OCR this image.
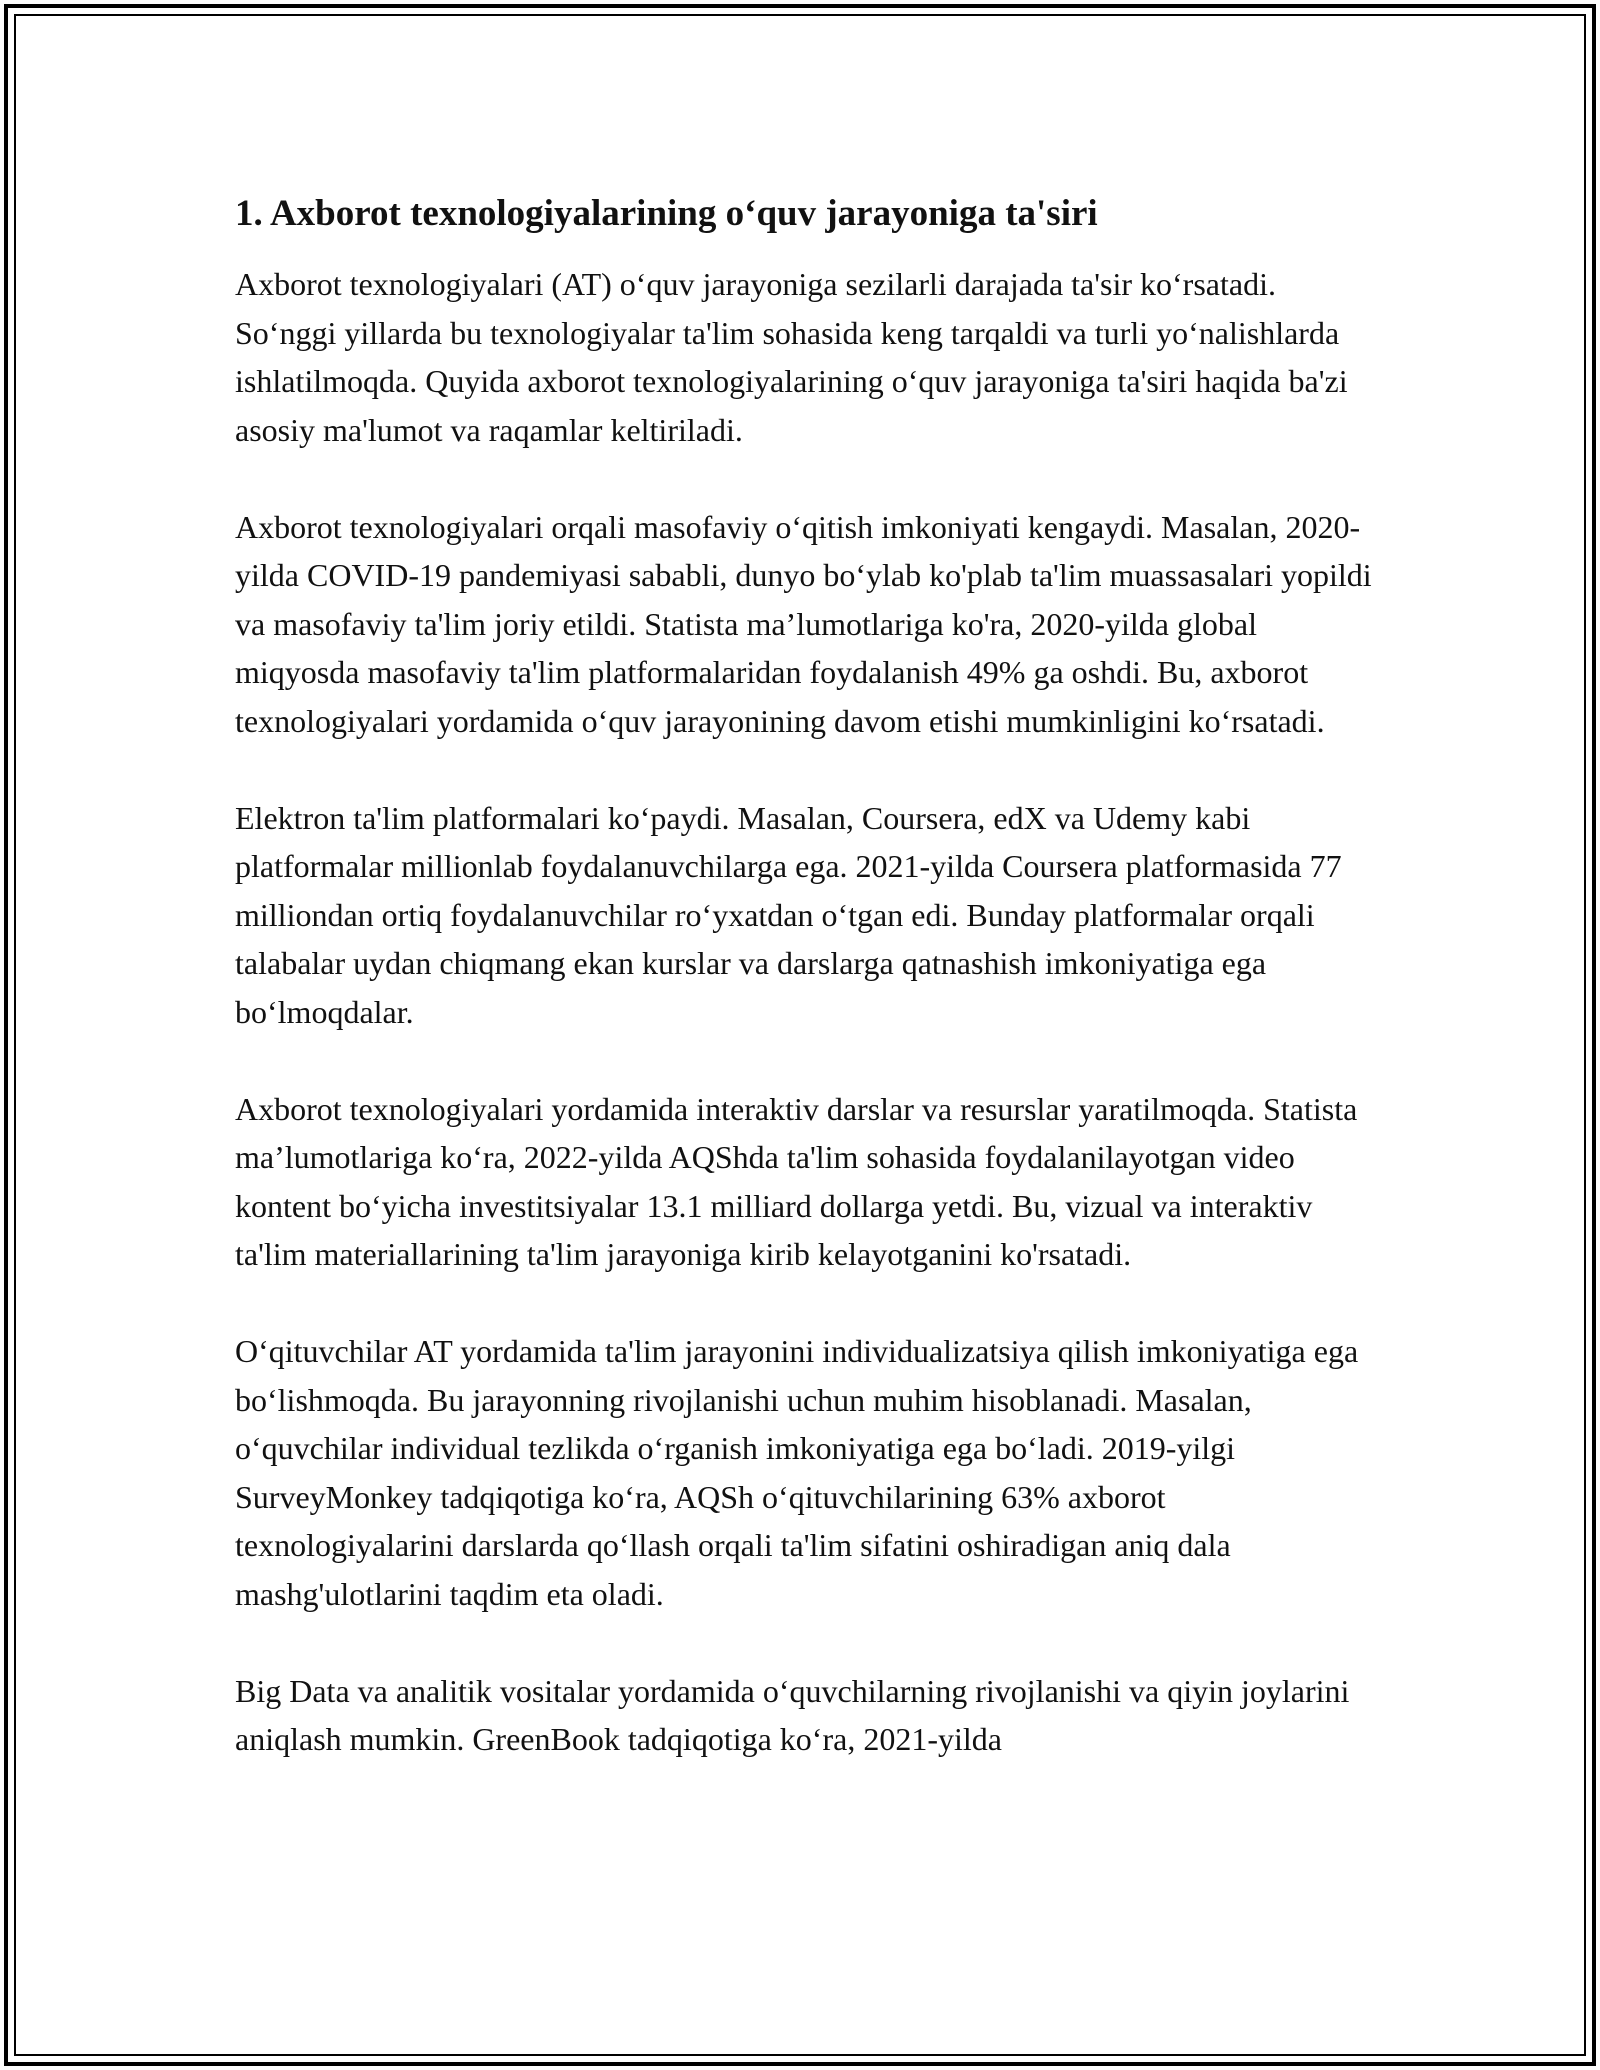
1. Axborot texnologiyalarining o‘quv jarayoniga ta'siri

Axborot texnologiyalari (AT) o‘quv jarayoniga sezilarli darajada ta'sir ko‘rsatadi. So‘nggi yillarda bu texnologiyalar ta'lim sohasida keng tarqaldi va turli yo‘nalishlarda ishlatilmoqda. Quyida axborot texnologiyalarining o‘quv jarayoniga ta'siri haqida ba'zi asosiy ma'lumot va raqamlar keltiriladi.

Axborot texnologiyalari orqali masofaviy o‘qitish imkoniyati kengaydi. Masalan, 2020-yilda COVID-19 pandemiyasi sababli, dunyo bo‘ylab ko'plab ta'lim muassasalari yopildi va masofaviy ta'lim joriy etildi. Statista ma’lumotlariga ko'ra, 2020-yilda global miqyosda masofaviy ta'lim platformalaridan foydalanish 49% ga oshdi. Bu, axborot texnologiyalari yordamida o‘quv jarayonining davom etishi mumkinligini ko‘rsatadi.

Elektron ta'lim platformalari ko‘paydi. Masalan, Coursera, edX va Udemy kabi platformalar millionlab foydalanuvchilarga ega. 2021-yilda Coursera platformasida 77 milliondan ortiq foydalanuvchilar ro‘yxatdan o‘tgan edi. Bunday platformalar orqali talabalar uydan chiqmang ekan kurslar va darslarga qatnashish imkoniyatiga ega bo‘lmoqdalar.

Axborot texnologiyalari yordamida interaktiv darslar va resurslar yaratilmoqda. Statista ma’lumotlariga ko‘ra, 2022-yilda AQShda ta'lim sohasida foydalanilayotgan video kontent bo‘yicha investitsiyalar 13.1 milliard dollarga yetdi. Bu, vizual va interaktiv ta'lim materiallarining ta'lim jarayoniga kirib kelayotganini ko'rsatadi.

O‘qituvchilar AT yordamida ta'lim jarayonini individualizatsiya qilish imkoniyatiga ega bo‘lishmoqda. Bu jarayonning rivojlanishi uchun muhim hisoblanadi. Masalan, o‘quvchilar individual tezlikda o‘rganish imkoniyatiga ega bo‘ladi. 2019-yilgi SurveyMonkey tadqiqotiga ko‘ra, AQSh o‘qituvchilarining 63% axborot texnologiyalarini darslarda qo‘llash orqali ta'lim sifatini oshiradigan aniq dala mashg'ulotlarini taqdim eta oladi.

Big Data va analitik vositalar yordamida o‘quvchilarning rivojlanishi va qiyin joylarini aniqlash mumkin. GreenBook tadqiqotiga ko‘ra, 2021-yilda
